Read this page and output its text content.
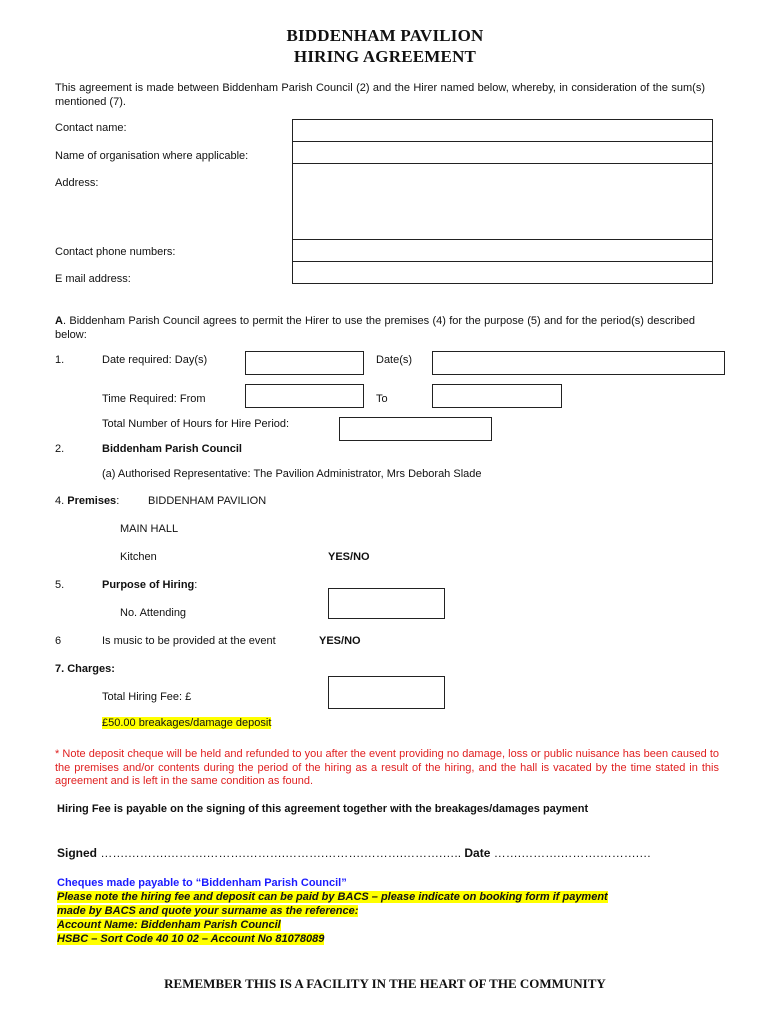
BIDDENHAM PAVILION
HIRING AGREEMENT
This agreement is made between Biddenham Parish Council (2) and the Hirer named below, whereby, in consideration of the sum(s) mentioned (7).
Contact name:
Name of organisation where applicable:
Address:
Contact phone numbers:
E mail address:
A. Biddenham Parish Council agrees to permit the Hirer to use the premises (4) for the purpose (5) and for the period(s) described below:
1.	Date required: Day(s)	Date(s)
Time Required: From	To
Total Number of Hours for Hire Period:
2.	Biddenham Parish Council
(a) Authorised Representative: The Pavilion Administrator, Mrs Deborah Slade
4. Premises:	BIDDENHAM PAVILION
MAIN HALL
Kitchen	YES/NO
5.	Purpose of Hiring:
No. Attending
6	Is music to be provided at the event	YES/NO
7. Charges:
Total Hiring Fee: £
£50.00 breakages/damage deposit
* Note deposit cheque will be held and refunded to you after the event providing no damage, loss or public nuisance has been caused to the premises and/or contents during the period of the hiring as a result of the hiring, and the hall is vacated by the time stated in this agreement and is left in the same condition as found.
Hiring Fee is payable on the signing of this agreement together with the breakages/damages payment
Signed …….……….……….……….……….……….……….……….……….….. Date …….……….……….……….…
Cheques made payable to “Biddenham Parish Council”
Please note the hiring fee and deposit can be paid by BACS – please indicate on booking form if payment
made by BACS and quote your surname as the reference:
Account Name: Biddenham Parish Council
HSBC – Sort Code 40 10 02 – Account No 81078089
REMEMBER THIS IS A FACILITY IN THE HEART OF THE COMMUNITY
